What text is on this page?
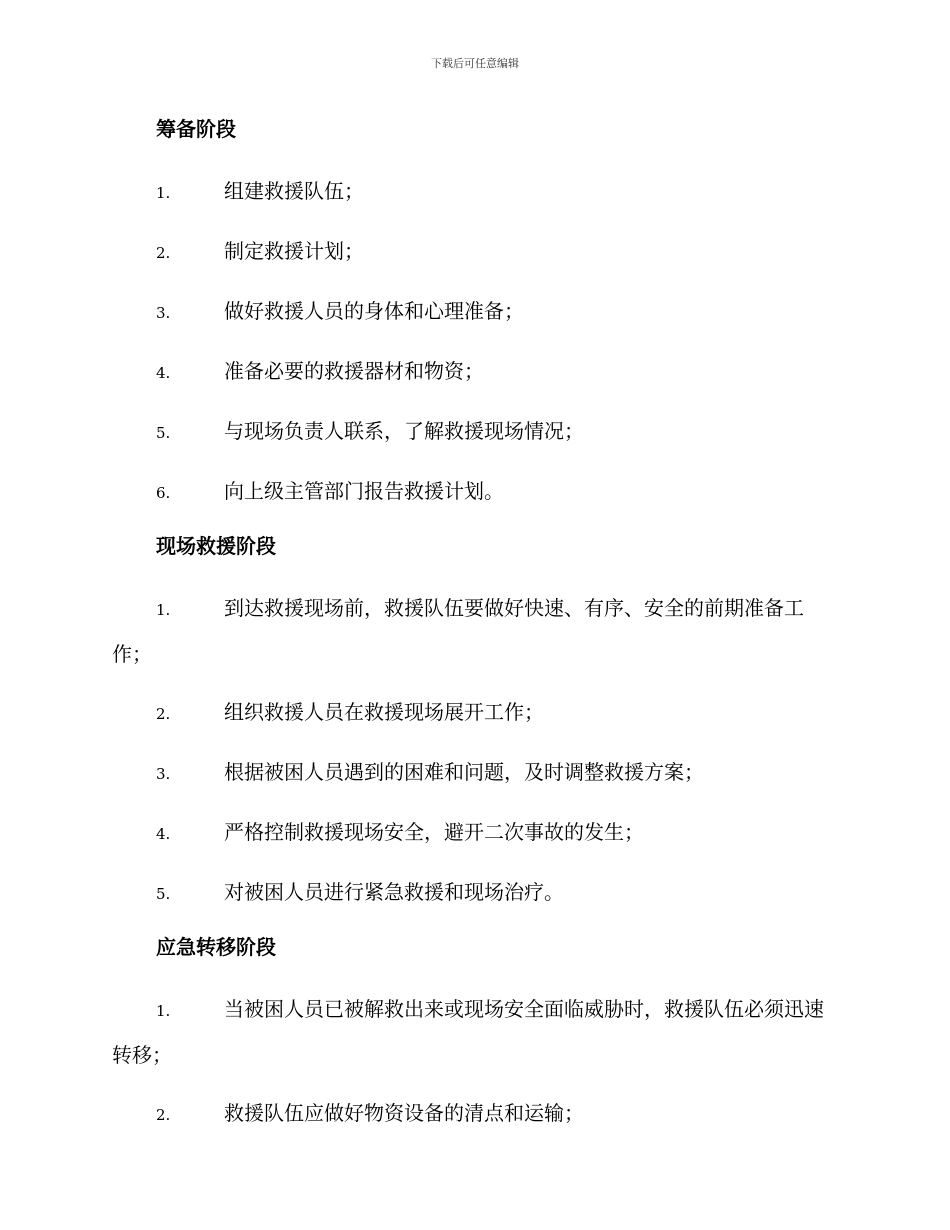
下载后可任意编辑
筹备阶段
1.	组建救援队伍；
2.	制定救援计划；
3.	做好救援人员的身体和心理准备；
4.	准备必要的救援器材和物资；
5.	与现场负责人联系，了解救援现场情况；
6.	向上级主管部门报告救援计划。
现场救援阶段
1.	到达救援现场前，救援队伍要做好快速、有序、安全的前期准备工作；
2.	组织救援人员在救援现场展开工作；
3.	根据被困人员遇到的困难和问题，及时调整救援方案；
4.	严格控制救援现场安全，避开二次事故的发生；
5.	对被困人员进行紧急救援和现场治疗。
应急转移阶段
1.	当被困人员已被解救出来或现场安全面临威胁时，救援队伍必须迅速转移；
2.	救援队伍应做好物资设备的清点和运输；
